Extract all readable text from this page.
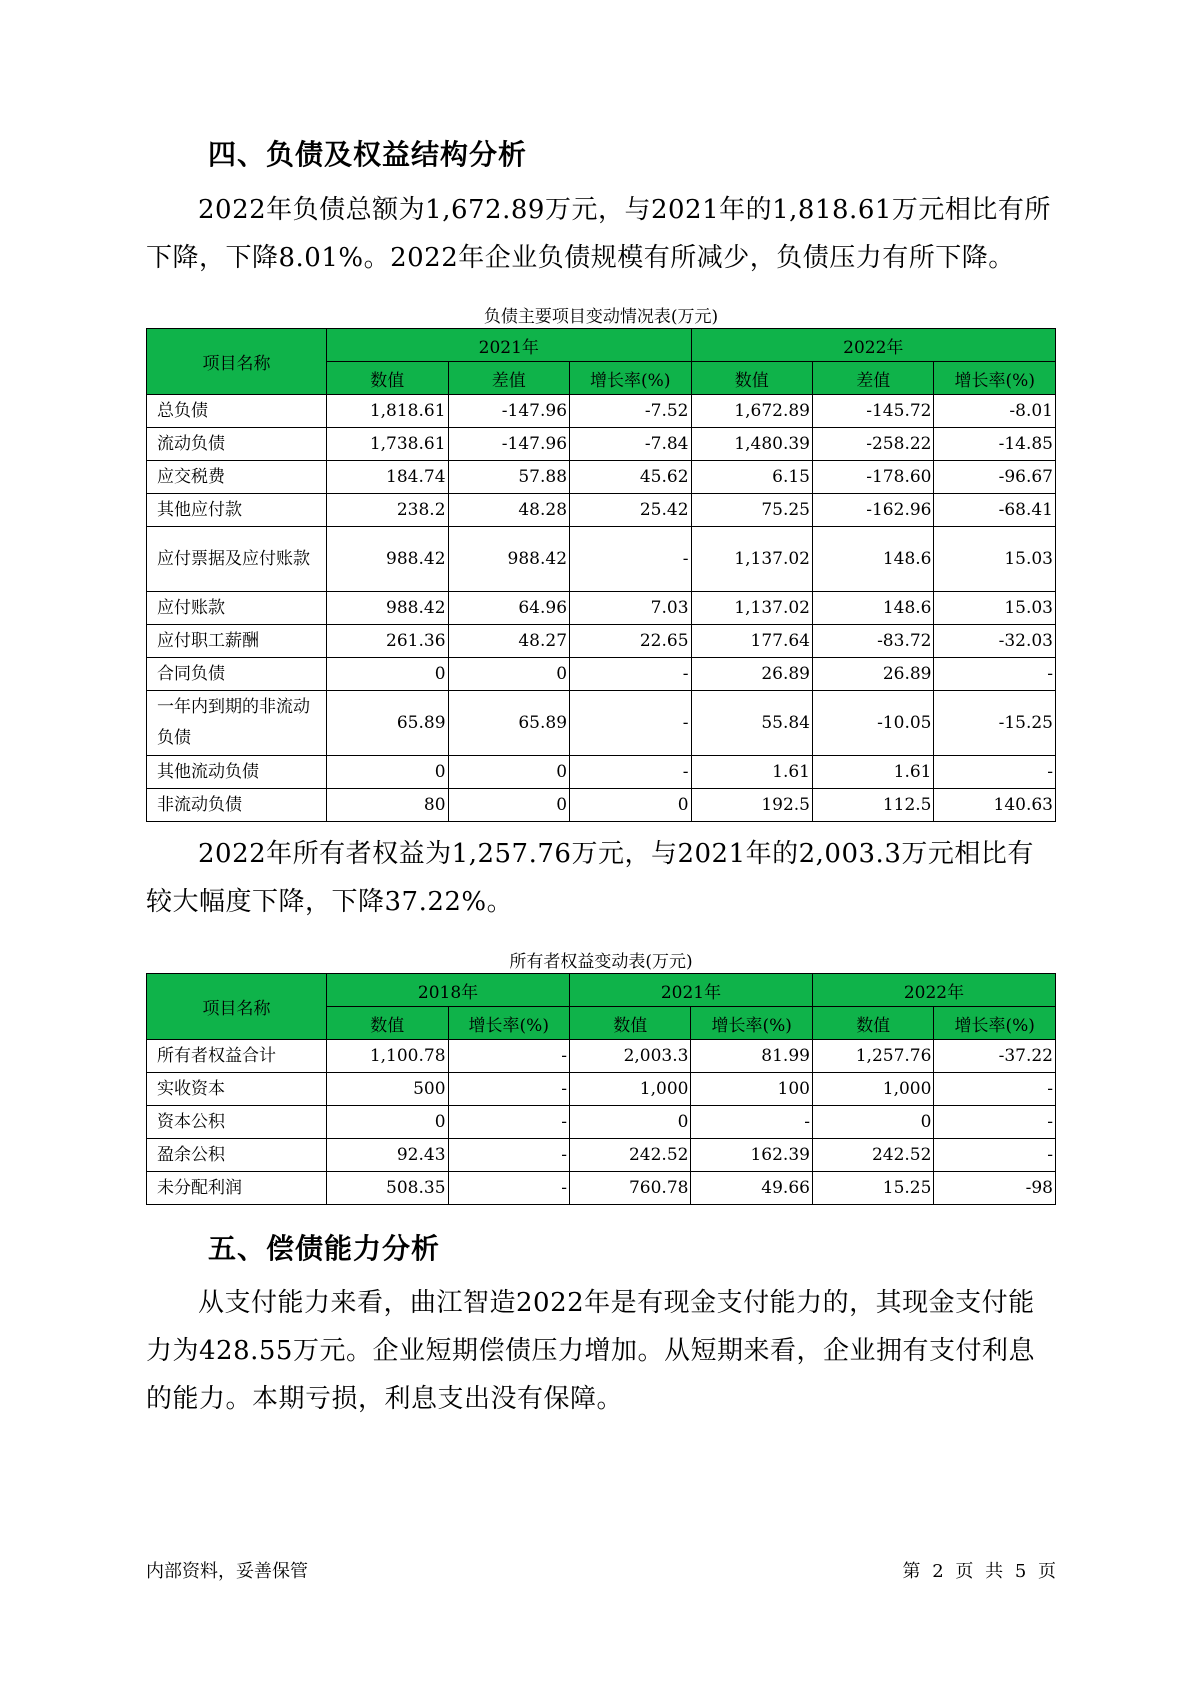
四、负债及权益结构分析

2022年负债总额为1,672.89万元，与2021年的1,818.61万元相比有所下降，下降8.01%。2022年企业负债规模有所减少，负债压力有所下降。

负债主要项目变动情况表(万元)
项目名称	2021年			2022年		
	数值	差值	增长率(%)	数值	差值	增长率(%)
总负债	1,818.61	-147.96	-7.52	1,672.89	-145.72	-8.01
流动负债	1,738.61	-147.96	-7.84	1,480.39	-258.22	-14.85
应交税费	184.74	57.88	45.62	6.15	-178.60	-96.67
其他应付款	238.2	48.28	25.42	75.25	-162.96	-68.41
应付票据及应付账款	988.42	988.42	-	1,137.02	148.6	15.03
应付账款	988.42	64.96	7.03	1,137.02	148.6	15.03
应付职工薪酬	261.36	48.27	22.65	177.64	-83.72	-32.03
合同负债	0	0	-	26.89	26.89	-
一年内到期的非流动负债	65.89	65.89	-	55.84	-10.05	-15.25
其他流动负债	0	0	-	1.61	1.61	-
非流动负债	80	0	0	192.5	112.5	140.63

2022年所有者权益为1,257.76万元，与2021年的2,003.3万元相比有较大幅度下降，下降37.22%。

所有者权益变动表(万元)
项目名称	2018年		2021年		2022年	
	数值	增长率(%)	数值	增长率(%)	数值	增长率(%)
所有者权益合计	1,100.78	-	2,003.3	81.99	1,257.76	-37.22
实收资本	500	-	1,000	100	1,000	-
资本公积	0	-	0	-	0	-
盈余公积	92.43	-	242.52	162.39	242.52	-
未分配利润	508.35	-	760.78	49.66	15.25	-98
五、偿债能力分析

从支付能力来看，曲江智造2022年是有现金支付能力的，其现金支付能力为428.55万元。企业短期偿债压力增加。从短期来看，企业拥有支付利息的能力。本期亏损，利息支出没有保障。

内部资料，妥善保管	第 2 页 共 5 页
